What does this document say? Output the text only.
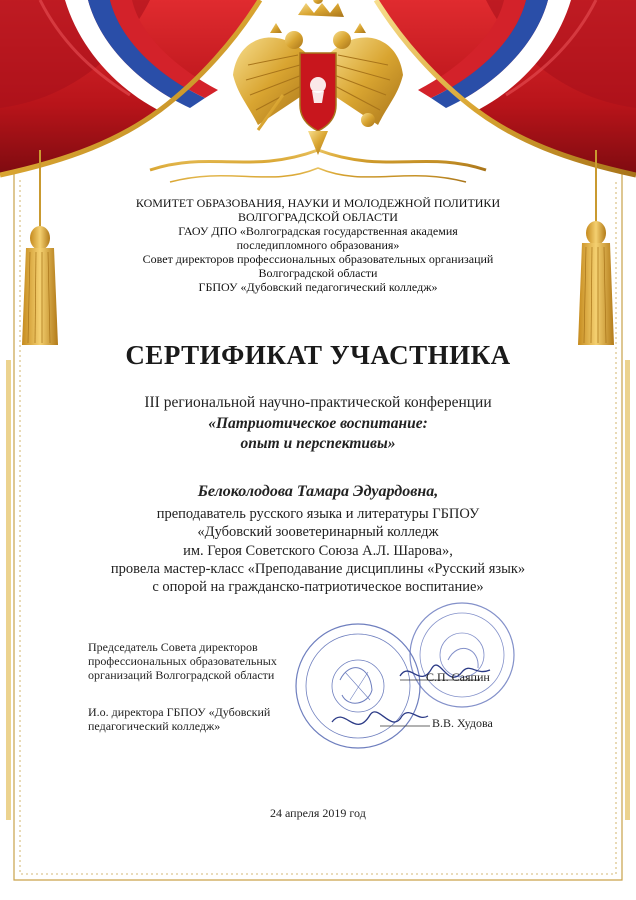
КОМИТЕТ ОБРАЗОВАНИЯ, НАУКИ И МОЛОДЕЖНОЙ ПОЛИТИКИ
ВОЛГОГРАДСКОЙ ОБЛАСТИ
ГАОУ ДПО «Волгоградская государственная академия
последипломного образования»
Совет директоров профессиональных образовательных организаций
Волгоградской области
ГБПОУ «Дубовский педагогический колледж»
СЕРТИФИКАТ УЧАСТНИКА
III региональной научно-практической конференции
«Патриотическое воспитание:
опыт и перспективы»
Белоколодова Тамара Эдуардовна,
преподаватель русского языка и литературы ГБПОУ
«Дубовский зооветеринарный колледж
им. Героя Советского Союза А.Л. Шарова»,
провела мастер-класс «Преподавание дисциплины «Русский язык»
с опорой на гражданско-патриотическое воспитание»
Председатель Совета директоров
профессиональных образовательных
организаций Волгоградской области	С.П. Саяпин
И.о. директора ГБПОУ «Дубовский
педагогический колледж»	В.В. Худова
24 апреля 2019 год
